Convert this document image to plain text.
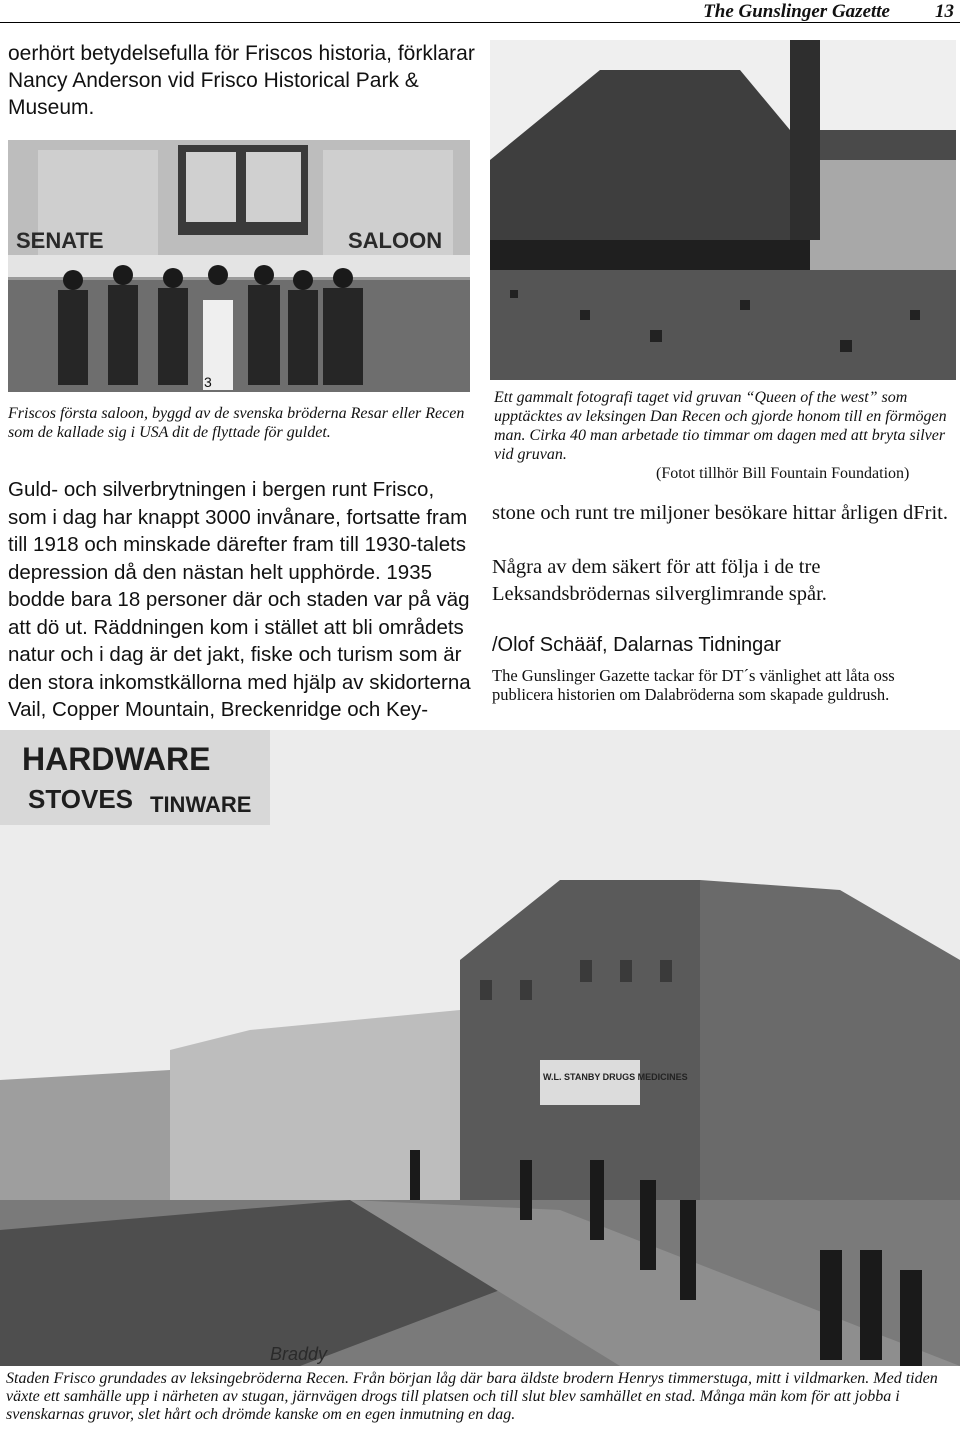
The Gunslinger Gazette 13
oerhört betydelsefulla för Friscos historia, förklarar Nancy Anderson vid Frisco Historical Park & Museum.
SENATE	SALOON
3
Friscos första saloon, byggd av de svenska bröderna Resar eller Recen som de kallade sig i USA dit de flyttade för guldet.
Ett gammalt fotografi taget vid gruvan “Queen of the west” som upptäcktes av leksingen Dan Recen och gjorde honom till en förmögen man. Cirka 40 man arbetade tio timmar om dagen med att bryta silver vid gruvan.
(Fotot tillhör Bill Fountain Foundation)
Guld- och silverbrytningen i bergen runt Frisco, som i dag har knappt 3000 invånare, fortsatte fram till 1918 och minskade därefter fram till 1930-talets depression då den nästan helt upphörde. 1935 bodde bara 18 personer där och staden var på väg att dö ut. Räddningen kom i stället att bli områdets natur och i dag är det jakt, fiske och turism som är den stora inkomstkällorna med hjälp av skidorterna Vail, Copper Mountain, Breckenridge och Key-
stone och runt tre miljoner besökare hittar årligen dFrit.
Några av dem säkert för att följa i de tre Leksandsbrödernas silverglimrande spår.
/Olof Schääf, Dalarnas Tidningar
The Gunslinger Gazette tackar för DT´s vänlighet att låta oss publicera historien om Dalabröderna som skapade guldrush.
HARDWARE
STOVES TINWARE
W.L. STANBY DRUGS MEDICINES
Braddy
Staden Frisco grundades av leksingebröderna Recen. Från början låg där bara äldste brodern Henrys timmerstuga, mitt i vildmarken. Med tiden växte ett samhälle upp i närheten av stugan, järnvägen drogs till platsen och till slut blev samhället en stad. Många män kom för att jobba i svenskarnas gruvor, slet hårt och drömde kanske om en egen inmutning en dag.
